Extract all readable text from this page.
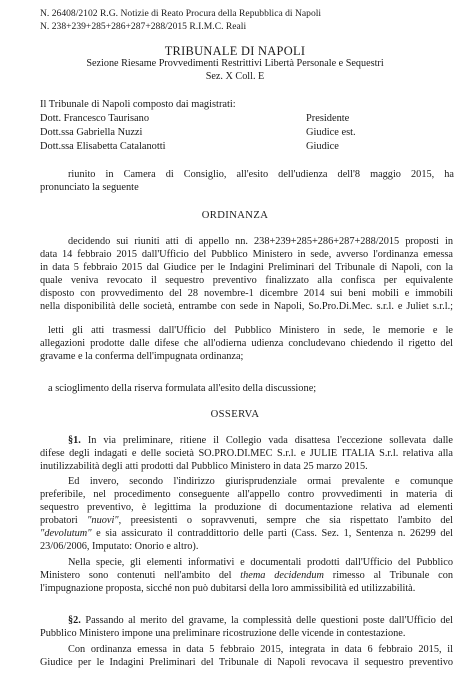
N. 26408/2102 R.G. Notizie di Reato Procura della Repubblica di Napoli
N. 238+239+285+286+287+288/2015 R.I.M.C. Reali
TRIBUNALE DI NAPOLI
Sezione Riesame Provvedimenti Restrittivi Libertà Personale e Sequestri
Sez. X Coll. E
Il Tribunale di Napoli composto dai magistrati:
Dott. Francesco Taurisano	Presidente
Dott.ssa Gabriella Nuzzi	Giudice est.
Dott.ssa Elisabetta Catalanotti	Giudice
riunito in Camera di Consiglio, all'esito dell'udienza dell'8 maggio 2015, ha
pronunciato la seguente
ORDINANZA
decidendo sui riuniti atti di appello nn. 238+239+285+286+287+288/2015 proposti in
data 14 febbraio 2015 dall'Ufficio del Pubblico Ministero in sede, avverso l'ordinanza emessa
in data 5 febbraio 2015 dal Giudice per le Indagini Preliminari del Tribunale di Napoli, con la
quale veniva revocato il sequestro preventivo finalizzato alla confisca per equivalente
disposto con provvedimento del 28 novembre-1 dicembre 2014 sui beni mobili e immobili
nella disponibilità delle società, entrambe con sede in Napoli, So.Pro.Di.Mec. s.r.l. e Juliet s.r.l.;
letti gli atti trasmessi dall'Ufficio del Pubblico Ministero in sede, le memorie e le
allegazioni prodotte dalle difese che all'odierna udienza concludevano chiedendo il rigetto del
gravame e la conferma dell'impugnata ordinanza;
a scioglimento della riserva formulata all'esito della discussione;
OSSERVA
§1. In via preliminare, ritiene il Collegio vada disattesa l'eccezione sollevata dalle
difese degli indagati e delle società SO.PRO.DI.MEC S.r.l. e JULIE ITALIA S.r.l. relativa alla
inutilizzabilità degli atti prodotti dal Pubblico Ministero in data 25 marzo 2015.
Ed invero, secondo l'indirizzo giurisprudenziale ormai prevalente e comunque
preferibile, nel procedimento conseguente all'appello contro provvedimenti in materia di
sequestro preventivo, è legittima la produzione di documentazione relativa ad elementi
probatori "nuovi", preesistenti o sopravvenuti, sempre che sia rispettato l'ambito del
"devolutum" e sia assicurato il contraddittorio delle parti (Cass. Sez. 1, Sentenza n. 26299 del
23/06/2006, Imputato: Onorio e altro).
Nella specie, gli elementi informativi e documentali prodotti dall'Ufficio del Pubblico
Ministero sono contenuti nell'ambito del thema decidendum rimesso al Tribunale con
l'impugnazione proposta, sicché non può dubitarsi della loro ammissibilità ed utilizzabilità.
§2. Passando al merito del gravame, la complessità delle questioni poste dall'Ufficio del
Pubblico Ministero impone una preliminare ricostruzione delle vicende in contestazione.
Con ordinanza emessa in data 5 febbraio 2015, integrata in data 6 febbraio 2015, il
Giudice per le Indagini Preliminari del Tribunale di Napoli revocava il sequestro preventivo
